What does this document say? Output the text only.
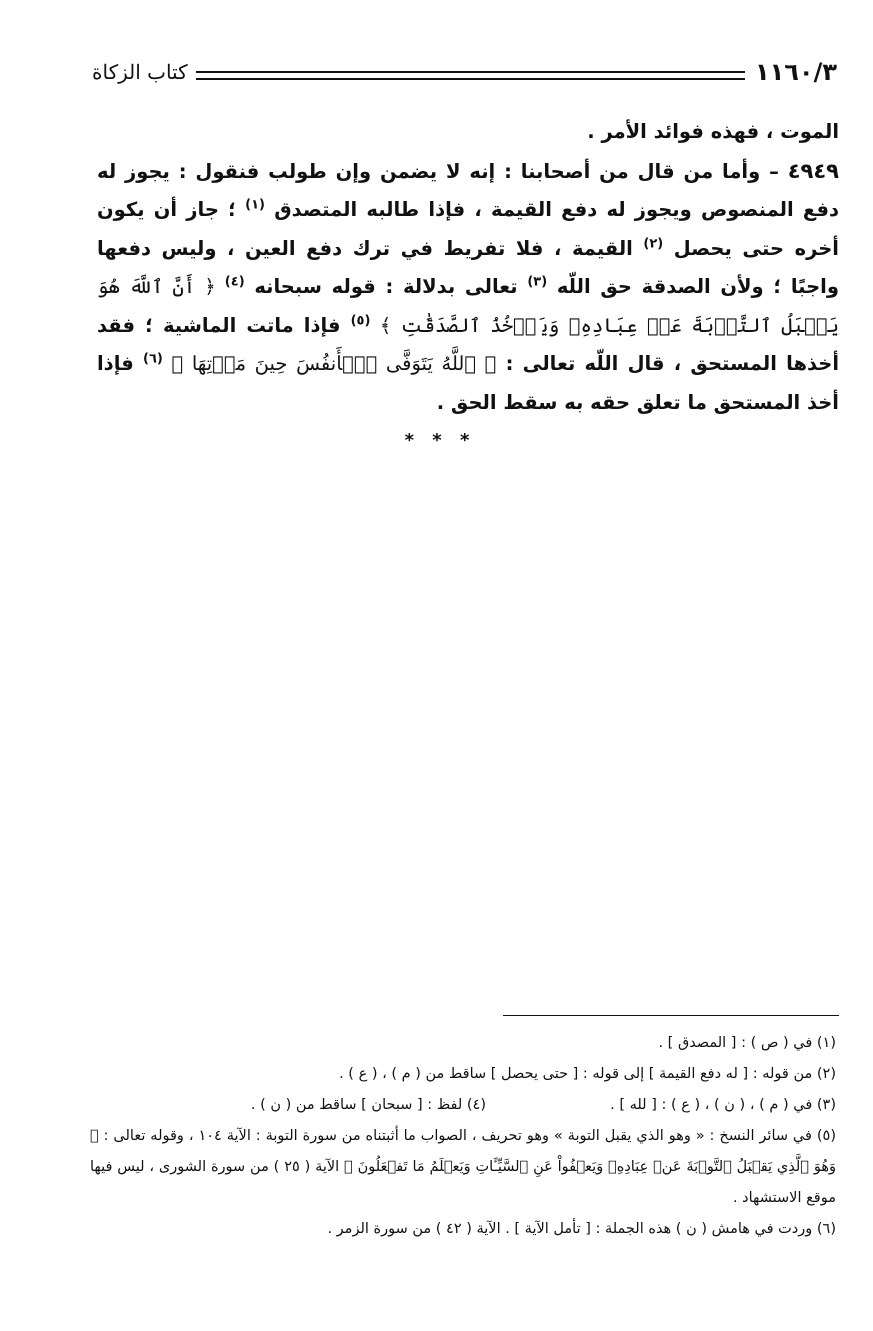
١١٦٠/٣
كتاب الزكاة

الموت ، فهذه فوائد الأمر .

٤٩٤٩ – وأما من قال من أصحابنا : إنه لا يضمن وإن طولب فنقول : يجوز له دفع المنصوص ويجوز له دفع القيمة ، فإذا طالبه المتصدق $^{(١)}$ ؛ جاز أن يكون أخره حتى يحصل $^{(٢)}$ القيمة ، فلا تفريط في ترك دفع العين ، وليس دفعها واجبًا ؛ ولأن الصدقة حق اللّه $^{(٣)}$ تعالى بدلالة : قوله سبحانه $^{(٤)}$ ﴿ أَنَّ ٱللَّهَ هُوَ يَقۡبَلُ ٱلتَّوۡبَةَ عَنۡ عِبَادِهِۦ وَيَأۡخُذُ ٱلصَّدَقَٰتِ ﴾ $^{(٥)}$ فإذا ماتت الماشية ؛ فقد أخذها المستحق ، قال اللّه تعالى : ﴿ ٱللَّهُ يَتَوَفَّى ٱلۡأَنفُسَ حِينَ مَوۡتِهَا ﴾ $^{(٦)}$ فإذا أخذ المستحق ما تعلق حقه به سقط الحق .

* * *

(١) في ( ص ) : [ المصدق ] .

(٢) من قوله : [ له دفع القيمة ] إلى قوله : [ حتى يحصل ] ساقط من ( م ) ، ( ع ) .

(٣) في ( م ) ، ( ن ) ، ( ع ) : [ لله ] .

(٤) لفظ : [ سبحان ] ساقط من ( ن ) .

(٥) في سائر النسخ : « وهو الذي يقبل التوبة » وهو تحريف ، الصواب ما أثبتناه من سورة التوبة : الآية ١٠٤ ، وقوله تعالى : ﴿ وَهُوَ ٱلَّذِي يَقۡبَلُ ٱلتَّوۡبَةَ عَنۡ عِبَادِهِۦ وَيَعۡفُواْ عَنِ ٱلسَّيِّـَٔاتِ وَيَعۡلَمُ مَا تَفۡعَلُونَ ﴾ الآية ( ٢٥ ) من سورة الشورى ، ليس فيها موقع الاستشهاد .

(٦) وردت في هامش ( ن ) هذه الجملة : [ تأمل الآية ] . الآية ( ٤٢ ) من سورة الزمر .
